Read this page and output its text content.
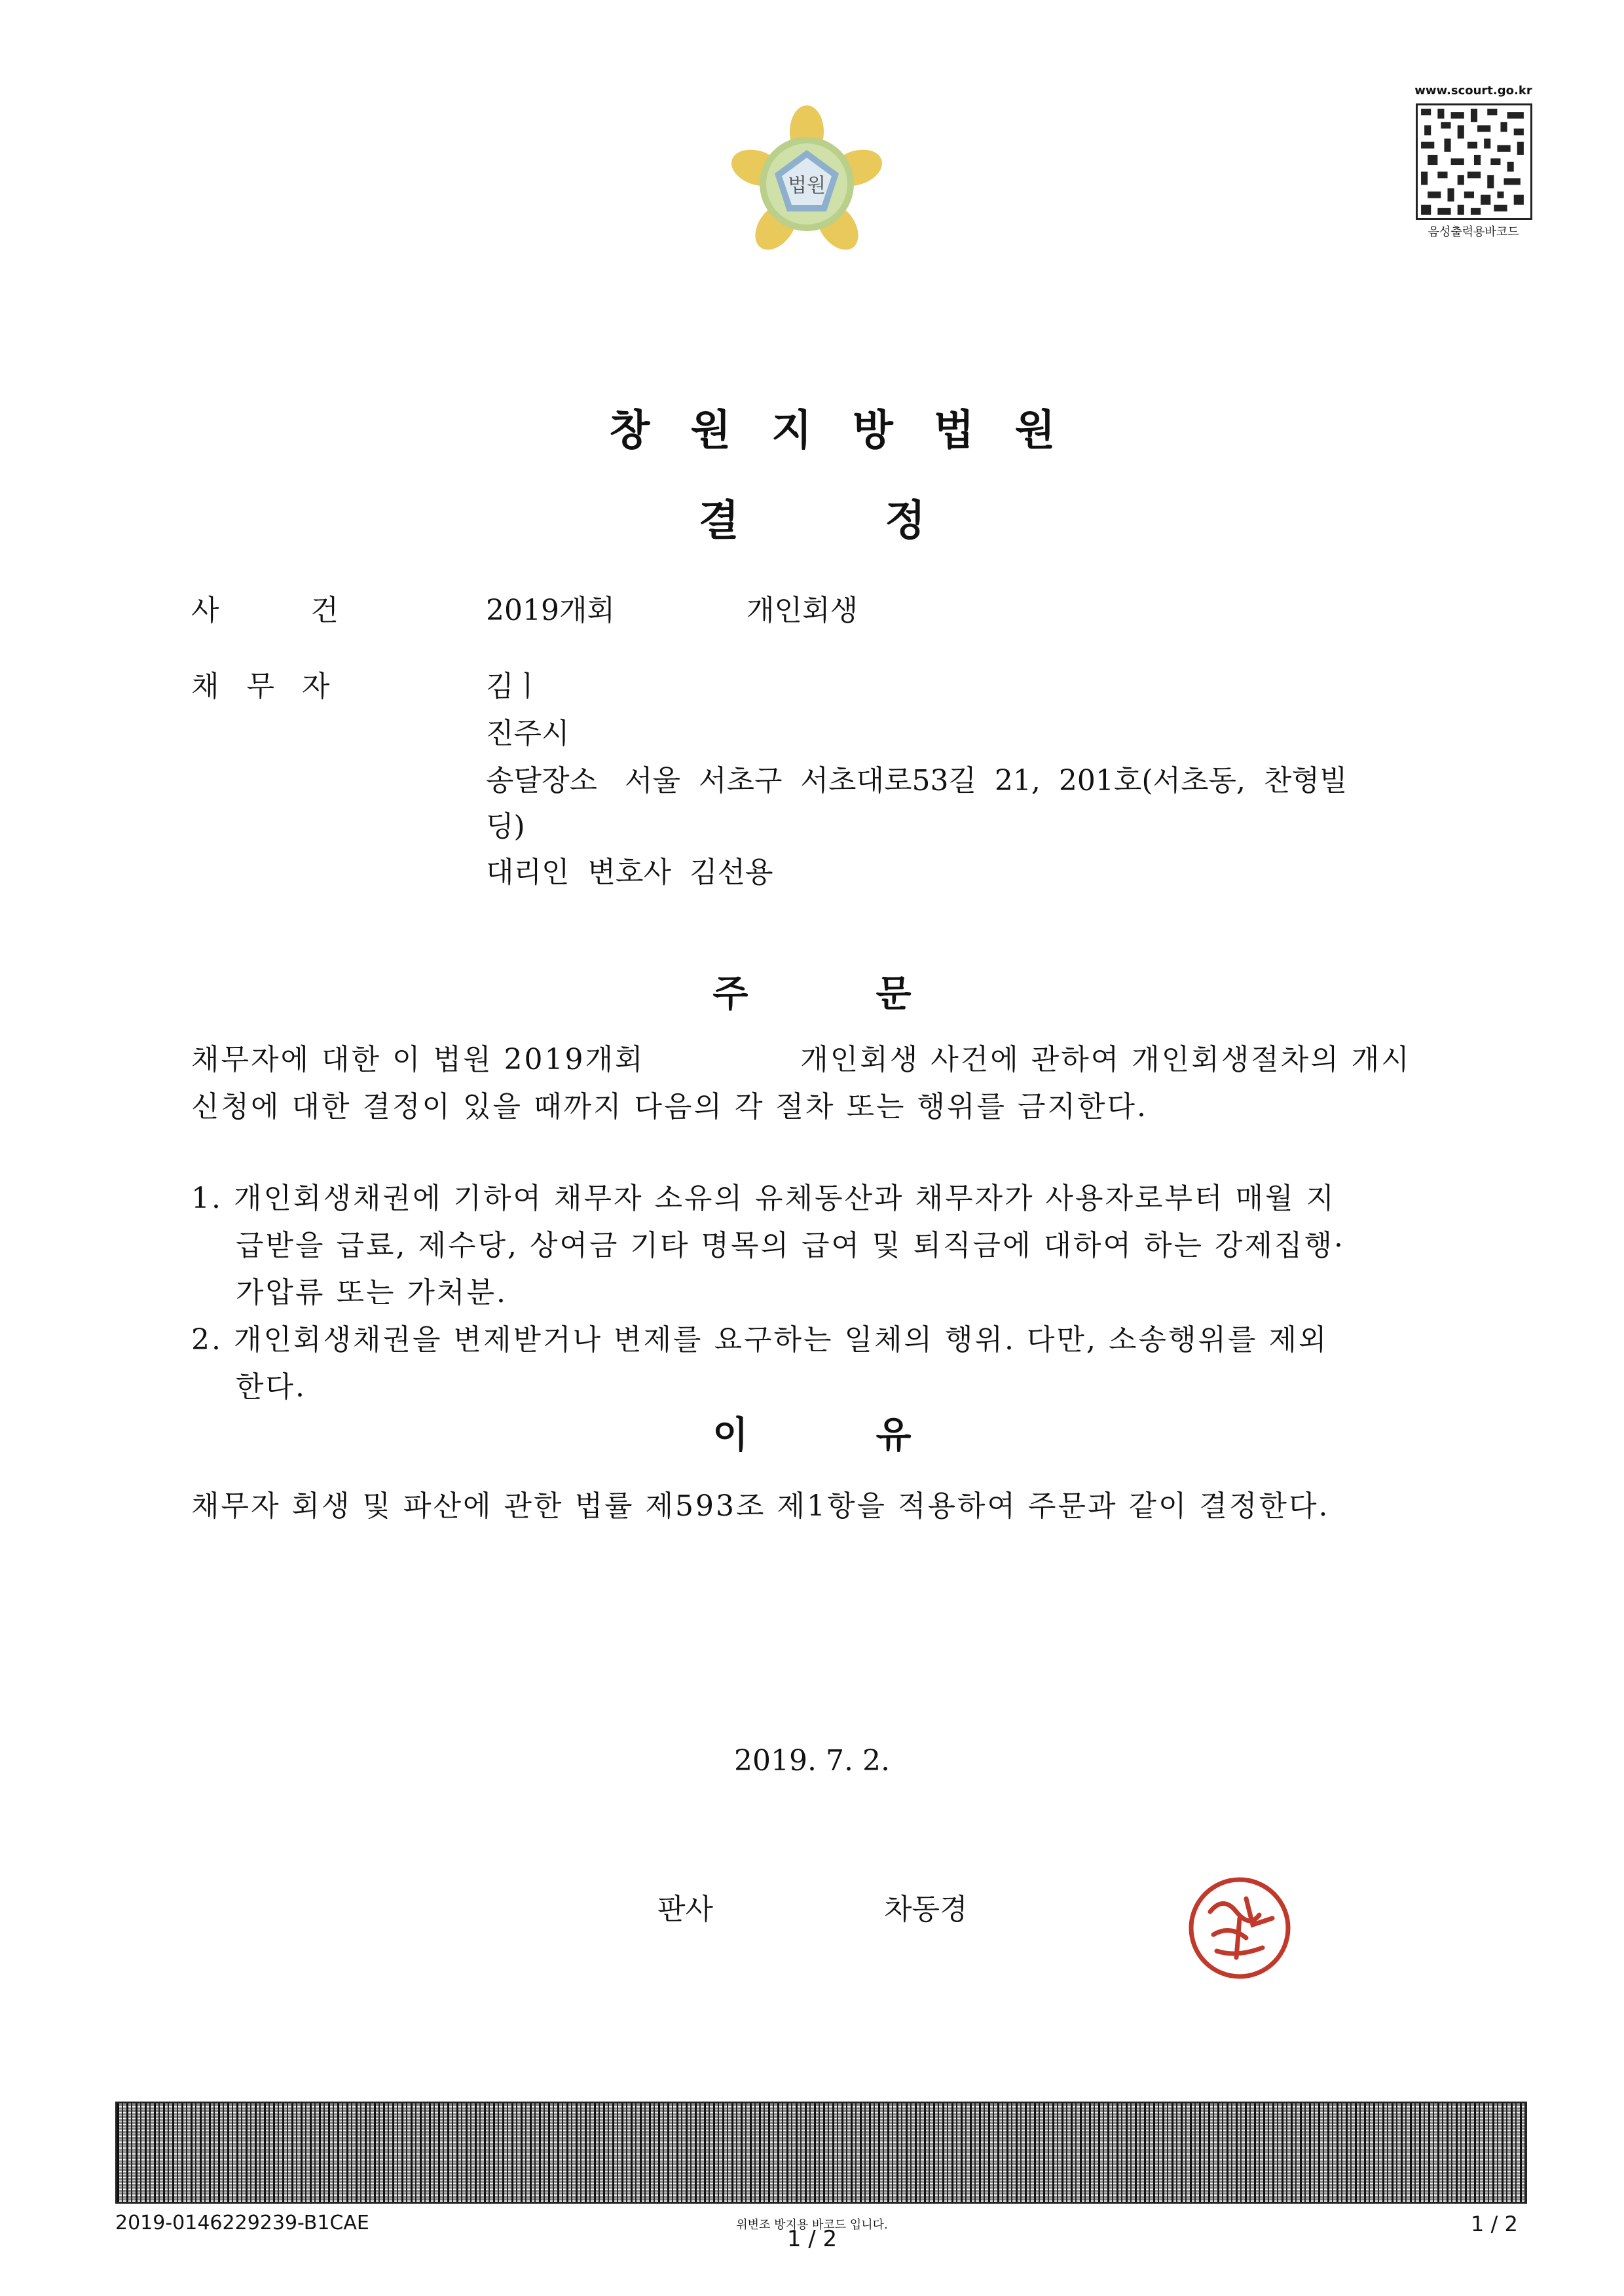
법원
www.scourt.go.kr
음성출력용바코드
창원지방법원
결          정
사          건	2019개회	개인회생
채   무   자	김ㅣ
진주시
송달장소   서울  서초구  서초대로53길  21,  201호(서초동,  찬형빌
딩)
대리인  변호사  김선용
주          문
채무자에 대한 이 법원 2019개회              개인회생 사건에 관하여 개인회생절차의 개시
신청에 대한 결정이 있을 때까지 다음의 각 절차 또는 행위를 금지한다.
1. 개인회생채권에 기하여 채무자 소유의 유체동산과 채무자가 사용자로부터 매월 지
급받을 급료, 제수당, 상여금 기타 명목의 급여 및 퇴직금에 대하여 하는 강제집행·
가압류 또는 가처분.
2. 개인회생채권을 변제받거나 변제를 요구하는 일체의 행위. 다만, 소송행위를 제외
한다.
이          유
채무자 회생 및 파산에 관한 법률 제593조 제1항을 적용하여 주문과 같이 결정한다.
2019. 7. 2.
판사	차동경
2019-0146229239-B1CAE	위변조 방지용 바코드 입니다.
1 / 2
1 / 2
